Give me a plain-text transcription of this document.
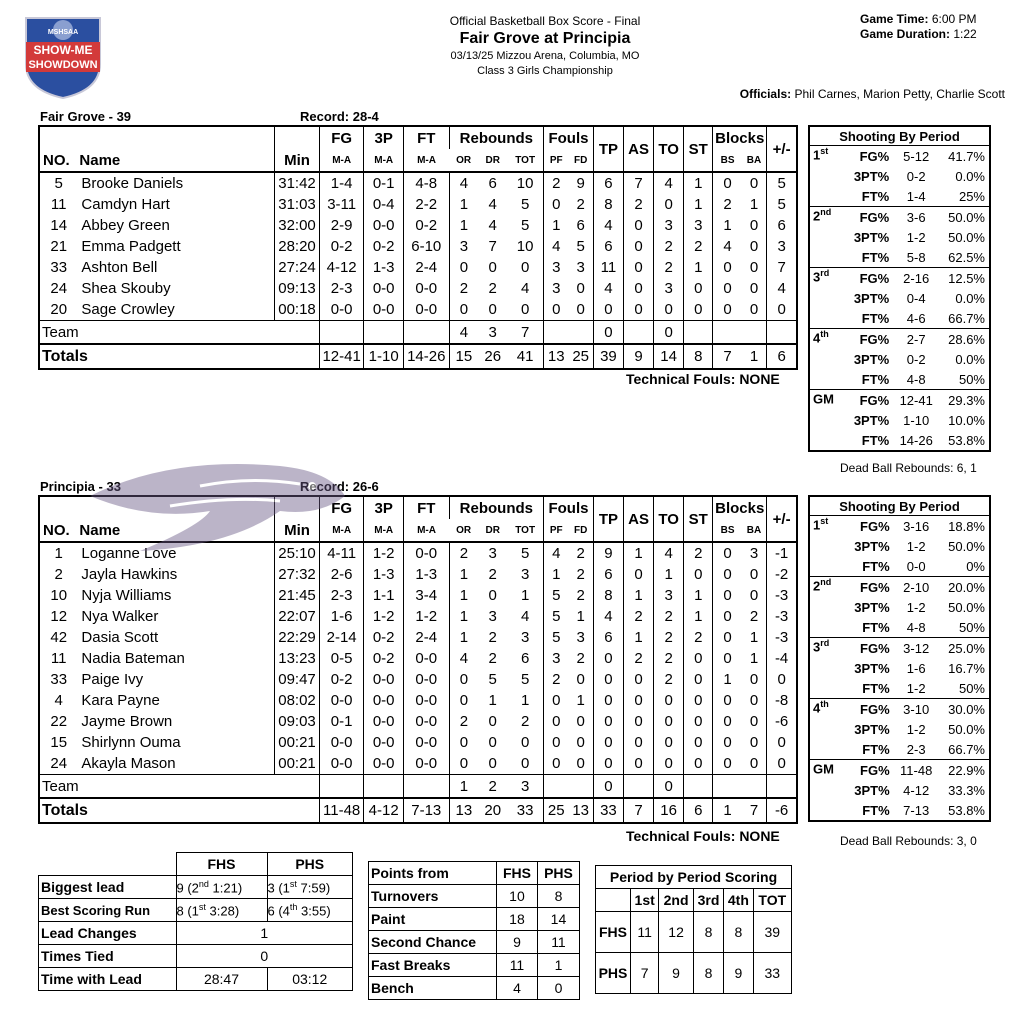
MSHSAA
SHOW-ME
SHOWDOWN
Official Basketball Box Score - Final
Fair Grove at Principia
03/13/25 Mizzou Arena, Columbia, MO
Class 3 Girls Championship
Game Time: 6:00 PM
Game Duration: 1:22
Officials: Phil Carnes, Marion Petty, Charlie Scott
Fair Grove - 39	Record: 28-4
			FG	3P	FT	Rebounds			Fouls		TP	AS	TO	ST	Blocks		+/-
NO.	Name	Min	M-A	M-A	M-A	OR	DR	TOT	PF	FD					BS	BA	
5	Brooke Daniels	31:42	1-4	0-1	4-8	4	6	10	2	9	6	7	4	1	0	0	5
11	Camdyn Hart	31:03	3-11	0-4	2-2	1	4	5	0	2	8	2	0	1	2	1	5
14	Abbey Green	32:00	2-9	0-0	0-2	1	4	5	1	6	4	0	3	3	1	0	6
21	Emma Padgett	28:20	0-2	0-2	6-10	3	7	10	4	5	6	0	2	2	4	0	3
33	Ashton Bell	27:24	4-12	1-3	2-4	0	0	0	3	3	11	0	2	1	0	0	7
24	Shea Skouby	09:13	2-3	0-0	0-0	2	2	4	3	0	4	0	3	0	0	0	4
20	Sage Crowley	00:18	0-0	0-0	0-0	0	0	0	0	0	0	0	0	0	0	0	0
Team						4	3	7			0		0				
Totals			12-41	1-10	14-26	15	26	41	13	25	39	9	14	8	7	1	6
Shooting By Period			
1st	FG%	5-12	41.7%
	3PT%	0-2	0.0%
	FT%	1-4	25%
2nd	FG%	3-6	50.0%
	3PT%	1-2	50.0%
	FT%	5-8	62.5%
3rd	FG%	2-16	12.5%
	3PT%	0-4	0.0%
	FT%	4-6	66.7%
4th	FG%	2-7	28.6%
	3PT%	0-2	0.0%
	FT%	4-8	50%
GM	FG%	12-41	29.3%
	3PT%	1-10	10.0%
	FT%	14-26	53.8%
Technical Fouls: NONE
Dead Ball Rebounds: 6, 1
Principia - 33	Record: 26-6
			FG	3P	FT	Rebounds			Fouls		TP	AS	TO	ST	Blocks		+/-
NO.	Name	Min	M-A	M-A	M-A	OR	DR	TOT	PF	FD					BS	BA	
1	Loganne Love	25:10	4-11	1-2	0-0	2	3	5	4	2	9	1	4	2	0	3	-1
2	Jayla Hawkins	27:32	2-6	1-3	1-3	1	2	3	1	2	6	0	1	0	0	0	-2
10	Nyja Williams	21:45	2-3	1-1	3-4	1	0	1	5	2	8	1	3	1	0	0	-3
12	Nya Walker	22:07	1-6	1-2	1-2	1	3	4	5	1	4	2	2	1	0	2	-3
42	Dasia Scott	22:29	2-14	0-2	2-4	1	2	3	5	3	6	1	2	2	0	1	-3
11	Nadia Bateman	13:23	0-5	0-2	0-0	4	2	6	3	2	0	2	2	0	0	1	-4
33	Paige Ivy	09:47	0-2	0-0	0-0	0	5	5	2	0	0	0	2	0	1	0	0
4	Kara Payne	08:02	0-0	0-0	0-0	0	1	1	0	1	0	0	0	0	0	0	-8
22	Jayme Brown	09:03	0-1	0-0	0-0	2	0	2	0	0	0	0	0	0	0	0	-6
15	Shirlynn Ouma	00:21	0-0	0-0	0-0	0	0	0	0	0	0	0	0	0	0	0	0
24	Akayla Mason	00:21	0-0	0-0	0-0	0	0	0	0	0	0	0	0	0	0	0	0
Team						1	2	3			0		0				
Totals			11-48	4-12	7-13	13	20	33	25	13	33	7	16	6	1	7	-6
Shooting By Period			
1st	FG%	3-16	18.8%
	3PT%	1-2	50.0%
	FT%	0-0	0%
2nd	FG%	2-10	20.0%
	3PT%	1-2	50.0%
	FT%	4-8	50%
3rd	FG%	3-12	25.0%
	3PT%	1-6	16.7%
	FT%	1-2	50%
4th	FG%	3-10	30.0%
	3PT%	1-2	50.0%
	FT%	2-3	66.7%
GM	FG%	11-48	22.9%
	3PT%	4-12	33.3%
	FT%	7-13	53.8%
Technical Fouls: NONE	Dead Ball Rebounds: 3, 0
	FHS	PHS
Biggest lead	9 (2nd 1:21)	3 (1st 7:59)
Best Scoring Run	8 (1st 3:28)	6 (4th 3:55)
Lead Changes	1	
Times Tied	0	
Time with Lead	28:47	03:12
Points from	FHS	PHS
Turnovers	10	8
Paint	18	14
Second Chance	9	11
Fast Breaks	11	1
Bench	4	0
Period by Period Scoring					
	1st	2nd	3rd	4th	TOT
FHS	11	12	8	8	39
PHS	7	9	8	9	33
